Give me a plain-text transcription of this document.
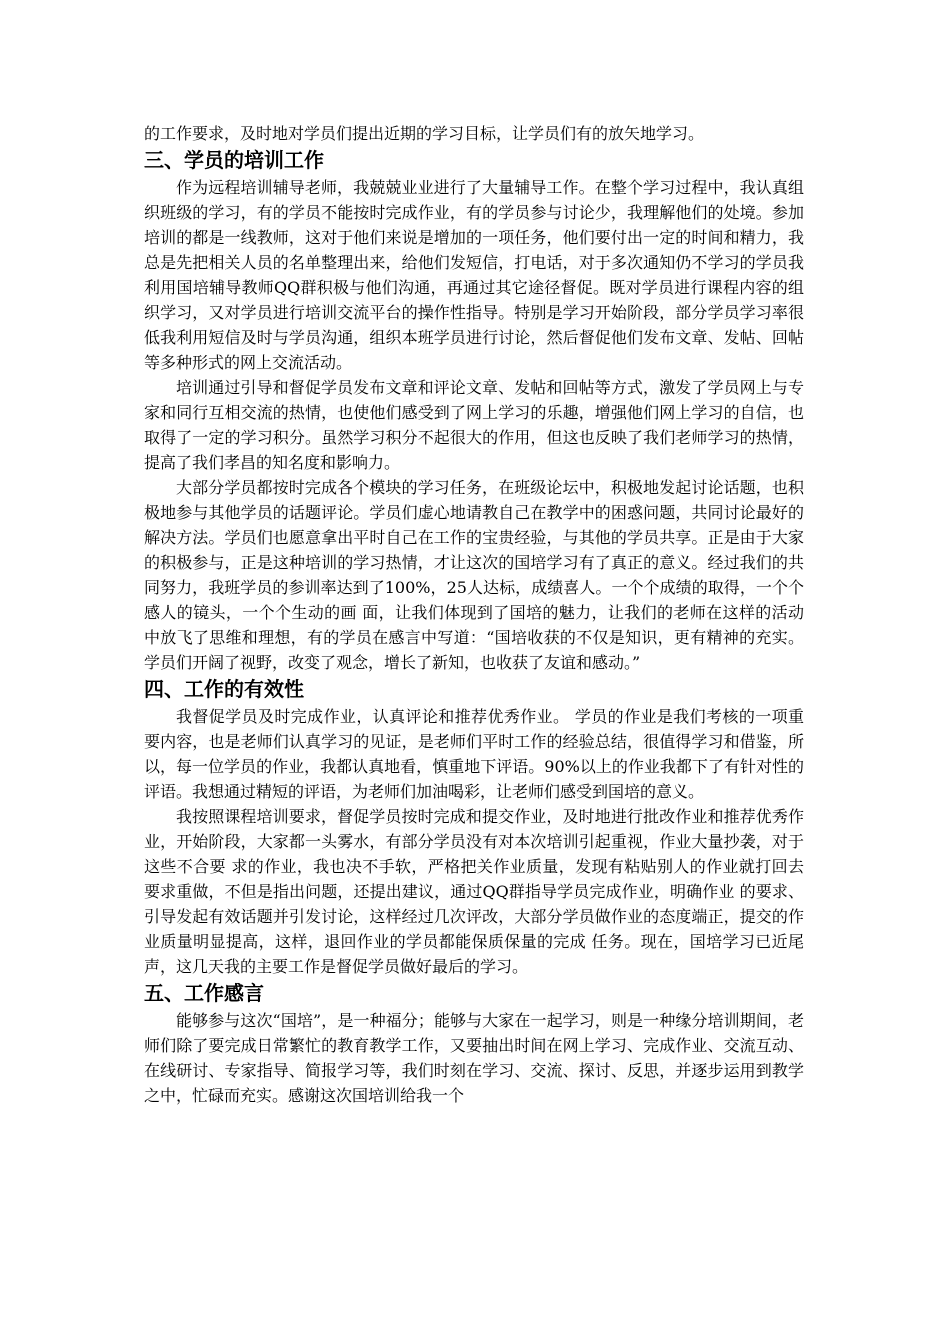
的工作要求，及时地对学员们提出近期的学习目标，让学员们有的放矢地学习。

三、学员的培训工作

作为远程培训辅导老师，我兢兢业业进行了大量辅导工作。在整个学习过程中，我认真组织班级的学习，有的学员不能按时完成作业，有的学员参与讨论少，我理解他们的处境。参加培训的都是一线教师，这对于他们来说是增加的一项任务，他们要付出一定的时间和精力，我总是先把相关人员的名单整理出来，给他们发短信，打电话，对于多次通知仍不学习的学员我利用国培辅导教师QQ群积极与他们沟通，再通过其它途径督促。既对学员进行课程内容的组织学习，又对学员进行培训交流平台的操作性指导。特别是学习开始阶段，部分学员学习率很低我利用短信及时与学员沟通，组织本班学员进行讨论，然后督促他们发布文章、发帖、回帖等多种形式的网上交流活动。

培训通过引导和督促学员发布文章和评论文章、发帖和回帖等方式，激发了学员网上与专家和同行互相交流的热情，也使他们感受到了网上学习的乐趣，增强他们网上学习的自信，也取得了一定的学习积分。虽然学习积分不起很大的作用，但这也反映了我们老师学习的热情，提高了我们孝昌的知名度和影响力。

大部分学员都按时完成各个模块的学习任务，在班级论坛中，积极地发起讨论话题，也积极地参与其他学员的话题评论。学员们虚心地请教自己在教学中的困惑问题，共同讨论最好的解决方法。学员们也愿意拿出平时自己在工作的宝贵经验，与其他的学员共享。正是由于大家的积极参与，正是这种培训的学习热情，才让这次的国培学习有了真正的意义。经过我们的共同努力，我班学员的参训率达到了100%，25人达标，成绩喜人。一个个成绩的取得，一个个感人的镜头，一个个生动的画 面，让我们体现到了国培的魅力，让我们的老师在这样的活动中放飞了思维和理想，有的学员在感言中写道：“国培收获的不仅是知识，更有精神的充实。学员们开阔了视野，改变了观念，增长了新知，也收获了友谊和感动。”

四、工作的有效性

我督促学员及时完成作业，认真评论和推荐优秀作业。 学员的作业是我们考核的一项重要内容，也是老师们认真学习的见证，是老师们平时工作的经验总结，很值得学习和借鉴，所以，每一位学员的作业，我都认真地看，慎重地下评语。90%以上的作业我都下了有针对性的评语。我想通过精短的评语，为老师们加油喝彩，让老师们感受到国培的意义。

我按照课程培训要求，督促学员按时完成和提交作业，及时地进行批改作业和推荐优秀作业，开始阶段，大家都一头雾水，有部分学员没有对本次培训引起重视，作业大量抄袭，对于这些不合要 求的作业，我也决不手软，严格把关作业质量，发现有粘贴别人的作业就打回去要求重做，不但是指出问题，还提出建议，通过QQ群指导学员完成作业，明确作业 的要求、引导发起有效话题并引发讨论，这样经过几次评改，大部分学员做作业的态度端正，提交的作业质量明显提高，这样，退回作业的学员都能保质保量的完成 任务。现在，国培学习已近尾声，这几天我的主要工作是督促学员做好最后的学习。

五、工作感言

能够参与这次“国培”，是一种福分；能够与大家在一起学习，则是一种缘分培训期间，老师们除了要完成日常繁忙的教育教学工作，又要抽出时间在网上学习、完成作业、交流互动、在线研讨、专家指导、简报学习等，我们时刻在学习、交流、探讨、反思，并逐步运用到教学之中，忙碌而充实。感谢这次国培训给我一个
